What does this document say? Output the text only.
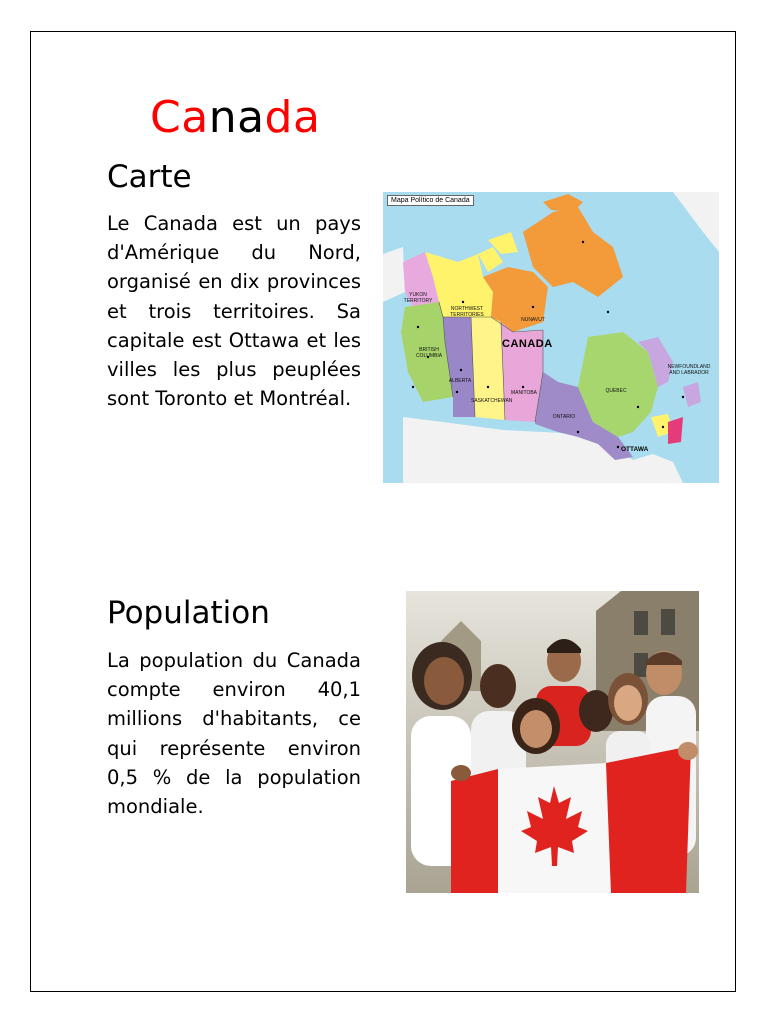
Canada
Carte

Le Canada est un pays d'Amérique du Nord, organisé en dix provinces et trois territoires. Sa capitale est Ottawa et les villes les plus peuplées sont Toronto et Montréal.

Mapa Político de Canada
CANADA
YUKON TERRITORY
NORTHWEST TERRITORIES
NUNAVUT
BRITISH COLUMBIA
ALBERTA
SASKATCHEWAN
MANITOBA
ONTARIO
QUEBEC
NEWFOUNDLAND AND LABRADOR
OTTAWA
Population

La population du Canada compte environ 40,1 millions d'habitants, ce qui représente environ 0,5 % de la population mondiale.
